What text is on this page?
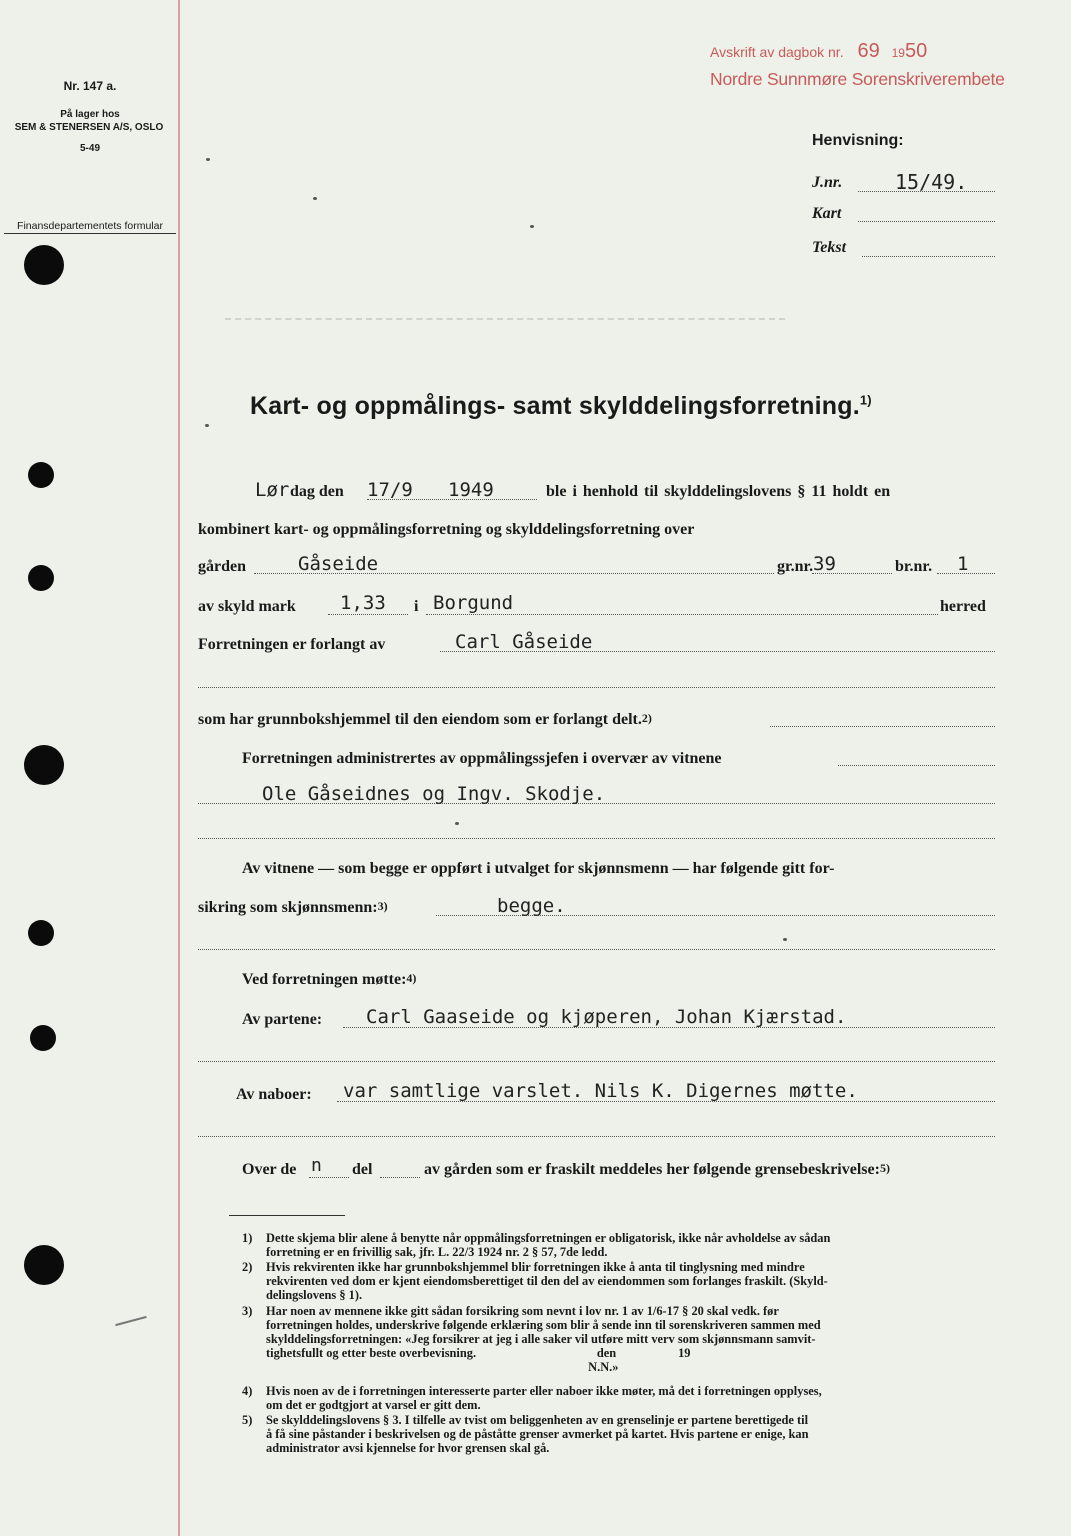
Nr. 147 a.
På lager hos
SEM & STENERSEN A/S, OSLO
5-49
Finansdepartementets formular
Avskrift av dagbok nr. 69 1950
Nordre Sunnmøre Sorenskriverembete
Henvisning:
J.nr.	15/49.
Kart
Tekst
Kart- og oppmålings- samt skylddelingsforretning.$^{1)}$
Lør dag den 17/9 1949	ble i henhold til skylddelingslovens § 11 holdt en
kombinert kart- og oppmålingsforretning og skylddelingsforretning over
gården	Gåseide	gr.nr. 39	br.nr. 1
av skyld mark 1,33 i Borgund	herred
Forretningen er forlangt av	Carl Gåseide
som har grunnbokshjemmel til den eiendom som er forlangt delt.$^{2)}$
Forretningen administrertes av oppmålingssjefen i overvær av vitnene
Ole Gåseidnes og Ingv. Skodje.
Av vitnene — som begge er oppført i utvalget for skjønnsmenn — har følgende gitt for-
sikring som skjønnsmenn:$^{3)}$	begge.
Ved forretningen møtte:$^{4)}$
Av partene: Carl Gaaseide og kjøperen, Johan Kjærstad.
Av naboer: var samtlige varslet. Nils K. Digernes møtte.
Over de n del	av gården som er fraskilt meddeles her følgende grensebeskrivelse:$^{5)}$
1) Dette skjema blir alene å benytte når oppmålingsforretningen er obligatorisk, ikke når avholdelse av sådan
forretning er en frivillig sak, jfr. L. 22/3 1924 nr. 2 § 57, 7de ledd.
2) Hvis rekvirenten ikke har grunnbokshjemmel blir forretningen ikke å anta til tinglysning med mindre
rekvirenten ved dom er kjent eiendomsberettiget til den del av eiendommen som forlanges fraskilt. (Skyld-
delingslovens § 1).
3) Har noen av mennene ikke gitt sådan forsikring som nevnt i lov nr. 1 av 1/6-17 § 20 skal vedk. før
forretningen holdes, underskrive følgende erklæring som blir å sende inn til sorenskriveren sammen med
skylddelingsforretningen: «Jeg forsikrer at jeg i alle saker vil utføre mitt verv som skjønnsmann samvit-
tighetsfullt og etter beste overbevisning.                                       den                    19
N.N.»
4) Hvis noen av de i forretningen interesserte parter eller naboer ikke møter, må det i forretningen opplyses,
om det er godtgjort at varsel er gitt dem.
5) Se skylddelingslovens § 3. I tilfelle av tvist om beliggenheten av en grenselinje er partene berettigede til
å få sine påstander i beskrivelsen og de påståtte grenser avmerket på kartet. Hvis partene er enige, kan
administrator avsi kjennelse for hvor grensen skal gå.
